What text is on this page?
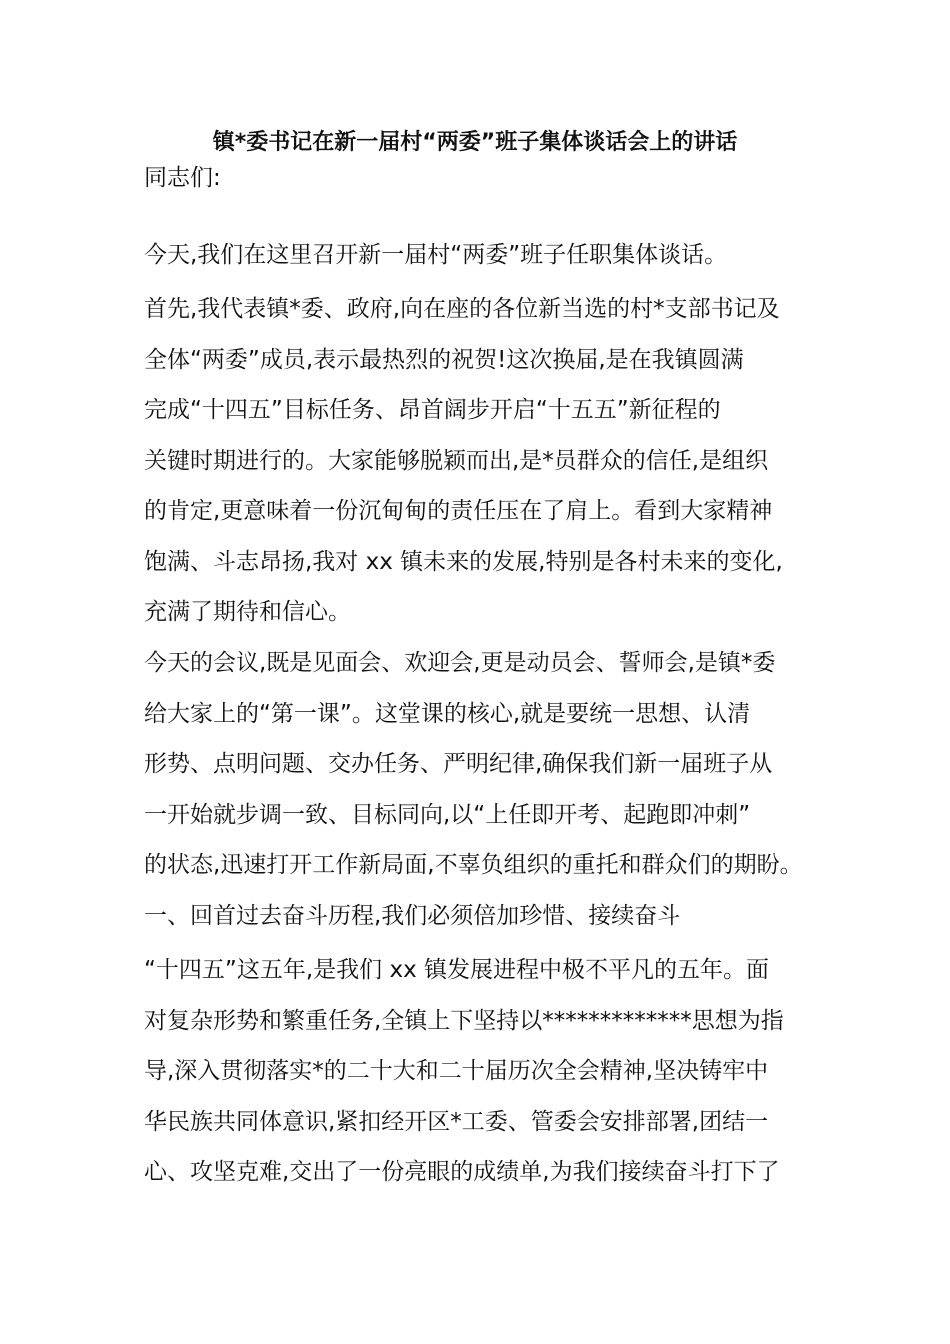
镇*委书记在新一届村“两委”班子集体谈话会上的讲话
同志们:
今天,我们在这里召开新一届村“两委”班子任职集体谈话。
首先,我代表镇*委、政府,向在座的各位新当选的村*支部书记及
全体“两委”成员,表示最热烈的祝贺!这次换届,是在我镇圆满
完成“十四五”目标任务、昂首阔步开启“十五五”新征程的
关键时期进行的。大家能够脱颖而出,是*员群众的信任,是组织
的肯定,更意味着一份沉甸甸的责任压在了肩上。看到大家精神
饱满、斗志昂扬,我对 xx 镇未来的发展,特别是各村未来的变化,
充满了期待和信心。
今天的会议,既是见面会、欢迎会,更是动员会、誓师会,是镇*委
给大家上的“第一课”。这堂课的核心,就是要统一思想、认清
形势、点明问题、交办任务、严明纪律,确保我们新一届班子从
一开始就步调一致、目标同向,以“上任即开考、起跑即冲刺”
的状态,迅速打开工作新局面,不辜负组织的重托和群众们的期盼。
一、回首过去奋斗历程,我们必须倍加珍惜、接续奋斗
“十四五”这五年,是我们 xx 镇发展进程中极不平凡的五年。面
对复杂形势和繁重任务,全镇上下坚持以*************思想为指
导,深入贯彻落实*的二十大和二十届历次全会精神,坚决铸牢中
华民族共同体意识,紧扣经开区*工委、管委会安排部署,团结一
心、攻坚克难,交出了一份亮眼的成绩单,为我们接续奋斗打下了
